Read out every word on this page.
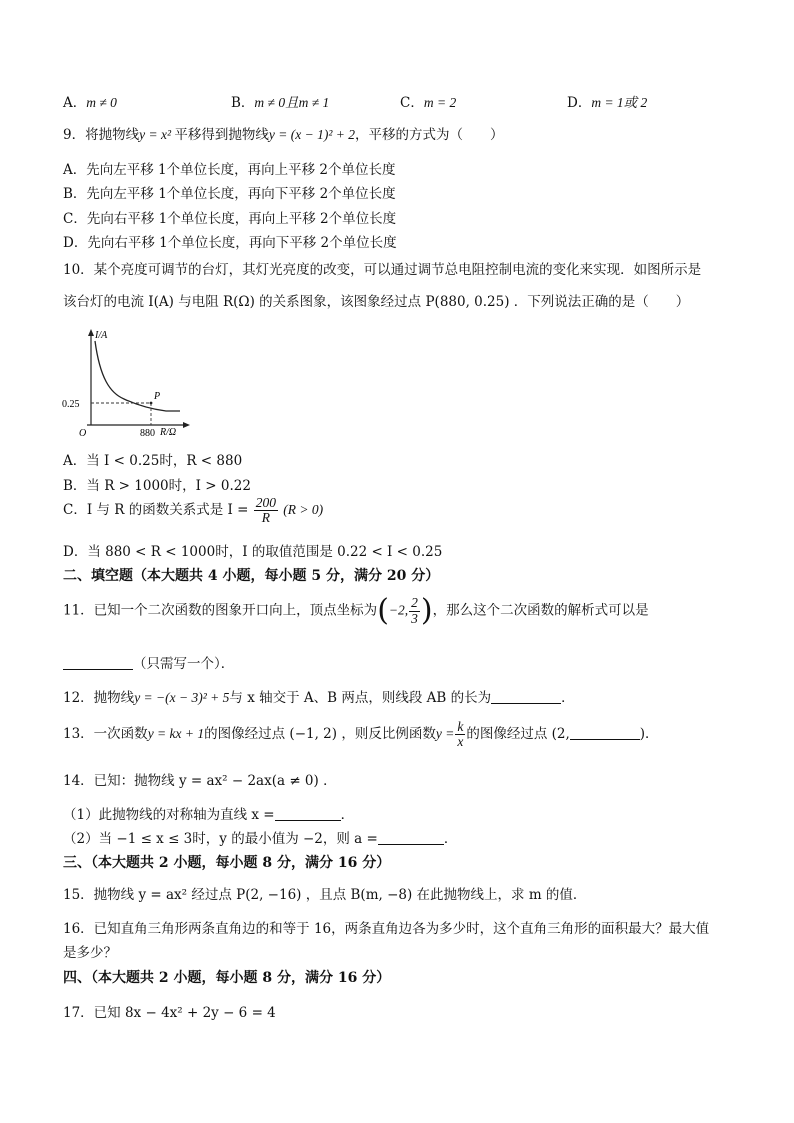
A．m ≠ 0	B．m ≠ 0且m ≠ 1	C．m = 2	D．m = 1或 2
9．将抛物线y = x² 平移得到抛物线y = (x − 1)² + 2，平移的方式为（　　）
A．先向左平移 1个单位长度，再向上平移 2个单位长度
B．先向左平移 1个单位长度，再向下平移 2个单位长度
C．先向右平移 1个单位长度，再向上平移 2个单位长度
D．先向右平移 1个单位长度，再向下平移 2个单位长度
10．某个亮度可调节的台灯，其灯光亮度的改变，可以通过调节总电阻控制电流的变化来实现．如图所示是
该台灯的电流 I(A) 与电阻 R(Ω) 的关系图象，该图象经过点 P(880, 0.25) ．下列说法正确的是（　　）
I/A
R/Ω
O
0.25
880
P
A．当 I < 0.25时，R < 880
B．当 R > 1000时，I > 0.22
C．I 与 R 的函数关系式是 $I = \frac{200}{R} (R > 0)$
D．当 880 < R < 1000时，I 的取值范围是 0.22 < I < 0.25
二、填空题（本大题共 4 小题，每小题 5 分，满分 20 分）
11．已知一个二次函数的图象开口向上，顶点坐标为(−2, $\frac{2}{3}$ )，那么这个二次函数的解析式可以是
（只需写一个）．
12．抛物线y = −(x − 3)² + 5与 x 轴交于 A、B 两点，则线段 AB 的长为	．
13．一次函数y = kx + 1的图像经过点 (−1, 2) ，则反比例函数$y = \frac{k}{x}$ 的图像经过点 (2,	)．
14．已知：抛物线 y = ax² − 2ax(a ≠ 0) ．
（1）此抛物线的对称轴为直线 x =	．
（2）当 −1 ≤ x ≤ 3时，y 的最小值为 −2，则 a =	．
三、（本大题共 2 小题，每小题 8 分，满分 16 分）
15．抛物线 y = ax² 经过点 P(2, −16) ，且点 B(m, −8) 在此抛物线上，求 m 的值．
16．已知直角三角形两条直角边的和等于 16，两条直角边各为多少时，这个直角三角形的面积最大？最大值
是多少？
四、（本大题共 2 小题，每小题 8 分，满分 16 分）
17．已知 8x − 4x² + 2y − 6 = 4
